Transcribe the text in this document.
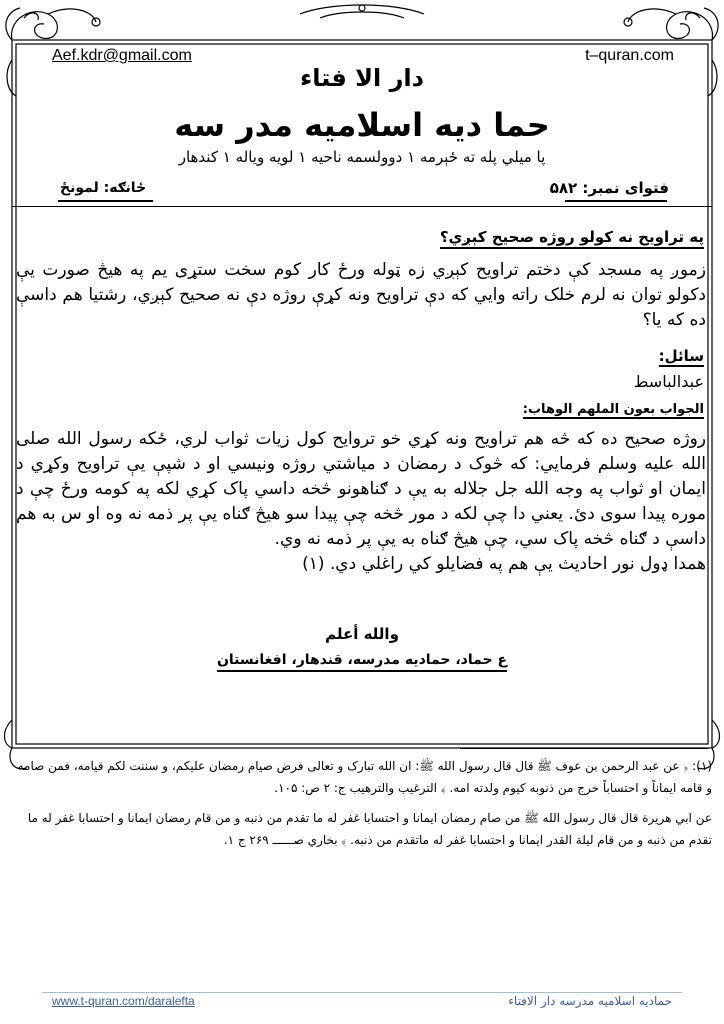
Aef.kdr@gmail.com	t–quran.com
دار الا فتاء
حما دیه اسلامیه مدر سه
پا میلي پله ته ځېرمه ۱ دوولسمه ناحیه ۱ لویه ویاله ۱ کندهار
فتوای نمبر: ۵۸۲
ځانګه: لمونځ
په تراویح نه کولو روژه صحیح کېږي؟
زموږ په مسجد کې دختم تراویح کېږي زه ټوله ورځ کار کوم سخت ستړی یم په هیڅ صورت یې دکولو توان نه لرم خلک راته وایي که دې تراویح ونه کړې روژه دې نه صحیح کېږي، رشتیا هم داسې ده که یا؟
سائل:
عبدالباسط
الجواب بعون الملهم الوهاب:
روژه صحیح ده که څه هم تراویح ونه کړي خو تروایح کول زیات ثواب لري، ځکه رسول الله صلی الله علیه وسلم فرمایي: که څوک د رمضان د میاشتي روژه ونیسي او د شپې یې تراویح وکړي د ایمان او ثواب په وجه الله جل جلاله به یې د ګناهونو څخه داسي پاک کړي لکه په کومه ورځ چې د موره پیدا سوی دئ. یعني دا چې لکه د مور څخه چې پیدا سو هیڅ ګناه یې پر ذمه نه وه او س به هم داسې د ګناه څخه پاک سي، چې هیڅ ګناه به یې پر ذمه نه وي.
همدا ډول نور احادیث یې هم په فضایلو کي راغلي دي. (۱)
والله أعلم
ع حماد، حمادیه مدرسه، قندهار، افغانستان
(۱): ﴿ عن عبد الرحمن بن عوف ﷺ قال قال رسول الله ﷺ: ان الله تبارک و تعالی فرض صیام رمضان علیکم، و سننت لکم قیامه، فمن صامه و قامه ایماناً و احتساباً خرج من ذنوبه کیوم ولدته امه. ﴾ الترغیب والترهیب ج: ۲ ص: ۱۰۵.
عن ابي هریرة قال قال رسول الله ﷺ من صام رمضان ایمانا و احتسابا غفر له ما تقدم من ذنبه و من قام رمضان ایمانا و احتسابا غفر له ما تقدم من ذنبه و من قام لیلة القدر ایمانا و احتسابا غفر له ماتقدم من ذنبه. ﴾ بخاري صــــــ ۲۶۹ ج ۱.
www.t-quran.com/daralefta	حمادیه اسلامیه مدرسه دار الافتاء
